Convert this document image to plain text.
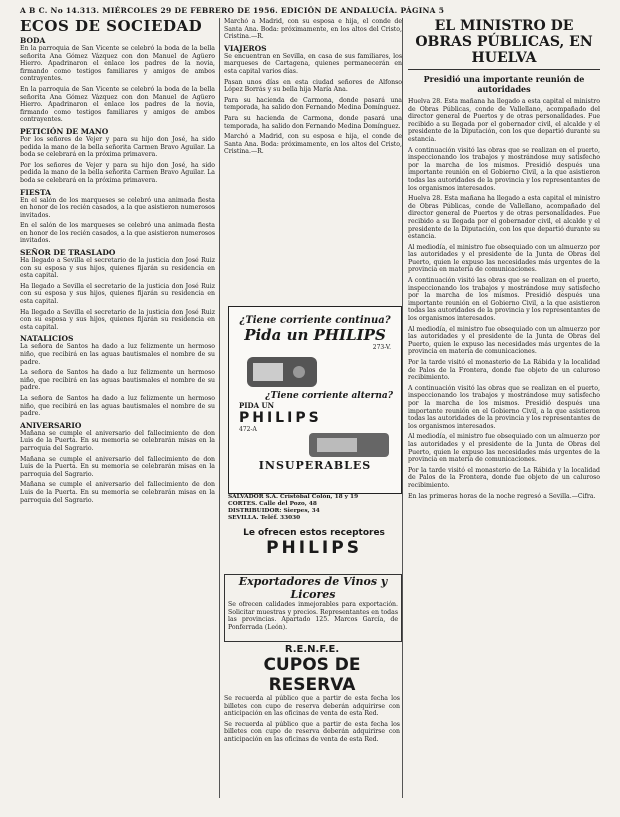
A B C. No 14.313. MIÉRCOLES 29 DE FEBRERO DE 1956. EDICIÓN DE ANDALUCÍA. PÁGINA 5
ECOS DE SOCIEDAD
BODA

En la parroquia de San Vicente se celebró la boda de la bella señorita Ana Gómez Vázquez con don Manuel de Agüero Hierro. Apadrinaron el enlace los padres de la novia, firmando como testigos familiares y amigos de ambos contrayentes.

En la parroquia de San Vicente se celebró la boda de la bella señorita Ana Gómez Vázquez con don Manuel de Agüero Hierro. Apadrinaron el enlace los padres de la novia, firmando como testigos familiares y amigos de ambos contrayentes.

PETICIÓN DE MANO

Por los señores de Vejer y para su hijo don José, ha sido pedida la mano de la bella señorita Carmen Bravo Aguilar. La boda se celebrará en la próxima primavera.

Por los señores de Vejer y para su hijo don José, ha sido pedida la mano de la bella señorita Carmen Bravo Aguilar. La boda se celebrará en la próxima primavera.

FIESTA

En el salón de los marqueses se celebró una animada fiesta en honor de los recién casados, a la que asistieron numerosos invitados.

En el salón de los marqueses se celebró una animada fiesta en honor de los recién casados, a la que asistieron numerosos invitados.

SEÑOR DE TRASLADO

Ha llegado a Sevilla el secretario de la justicia don José Ruiz con su esposa y sus hijos, quienes fijarán su residencia en esta capital.

Ha llegado a Sevilla el secretario de la justicia don José Ruiz con su esposa y sus hijos, quienes fijarán su residencia en esta capital.

Ha llegado a Sevilla el secretario de la justicia don José Ruiz con su esposa y sus hijos, quienes fijarán su residencia en esta capital.

NATALICIOS

La señora de Santos ha dado a luz felizmente un hermoso niño, que recibirá en las aguas bautismales el nombre de su padre.

La señora de Santos ha dado a luz felizmente un hermoso niño, que recibirá en las aguas bautismales el nombre de su padre.

La señora de Santos ha dado a luz felizmente un hermoso niño, que recibirá en las aguas bautismales el nombre de su padre.

ANIVERSARIO

Mañana se cumple el aniversario del fallecimiento de don Luis de la Puerta. En su memoria se celebrarán misas en la parroquia del Sagrario.

Mañana se cumple el aniversario del fallecimiento de don Luis de la Puerta. En su memoria se celebrarán misas en la parroquia del Sagrario.

Mañana se cumple el aniversario del fallecimiento de don Luis de la Puerta. En su memoria se celebrarán misas en la parroquia del Sagrario.

Marchó a Madrid, con su esposa e hija, el conde de Santa Ana. Boda: próximamente, en los altos del Cristo, Cristina.—R.

VIAJEROS

Se encuentran en Sevilla, en casa de sus familiares, los marqueses de Cartagena, quienes permanecerán en esta capital varios días.

Pasan unos días en esta ciudad señores de Alfonso López Borrás y su bella hija María Ana.

Para su hacienda de Carmona, donde pasará una temporada, ha salido don Fernando Medina Domínguez.

Para su hacienda de Carmona, donde pasará una temporada, ha salido don Fernando Medina Domínguez.

Marchó a Madrid, con su esposa e hija, el conde de Santa Ana. Boda: próximamente, en los altos del Cristo, Cristina.—R.

¿Tiene corriente continua?
Pida un PHILIPS
273-V.
¿Tiene corriente alterna?
PIDA UN
PHILIPS
472-A
INSUPERABLES
SALVADOR S.A. Cristóbal Colón, 18 y 19
CORTES. Calle del Pozo, 48
DISTRIBUIDOR: Sierpes, 34
SEVILLA. Teléf. 33030
Le ofrecen estos receptores
PHILIPS
Exportadores de Vinos y Licores

Se ofrecen calidades inmejorables para exportación. Solicitar muestras y precios. Representantes en todas las provincias. Apartado 125. Marcos García, de Ponferrada (León).

R.E.N.F.E.
CUPOS DE RESERVA

Se recuerda al público que a partir de esta fecha los billetes con cupo de reserva deberán adquirirse con anticipación en las oficinas de venta de esta Red.

Se recuerda al público que a partir de esta fecha los billetes con cupo de reserva deberán adquirirse con anticipación en las oficinas de venta de esta Red.

EL MINISTRO DE OBRAS PÚBLICAS, EN HUELVA
Presidió una importante reunión de autoridades

Huelva 28. Esta mañana ha llegado a esta capital el ministro de Obras Públicas, conde de Vallellano, acompañado del director general de Puertos y de otras personalidades. Fue recibido a su llegada por el gobernador civil, el alcalde y el presidente de la Diputación, con los que departió durante su estancia.

A continuación visitó las obras que se realizan en el puerto, inspeccionando los trabajos y mostrándose muy satisfecho por la marcha de los mismos. Presidió después una importante reunión en el Gobierno Civil, a la que asistieron todas las autoridades de la provincia y los representantes de los organismos interesados.

Huelva 28. Esta mañana ha llegado a esta capital el ministro de Obras Públicas, conde de Vallellano, acompañado del director general de Puertos y de otras personalidades. Fue recibido a su llegada por el gobernador civil, el alcalde y el presidente de la Diputación, con los que departió durante su estancia.

Al mediodía, el ministro fue obsequiado con un almuerzo por las autoridades y el presidente de la Junta de Obras del Puerto, quien le expuso las necesidades más urgentes de la provincia en materia de comunicaciones.

A continuación visitó las obras que se realizan en el puerto, inspeccionando los trabajos y mostrándose muy satisfecho por la marcha de los mismos. Presidió después una importante reunión en el Gobierno Civil, a la que asistieron todas las autoridades de la provincia y los representantes de los organismos interesados.

Al mediodía, el ministro fue obsequiado con un almuerzo por las autoridades y el presidente de la Junta de Obras del Puerto, quien le expuso las necesidades más urgentes de la provincia en materia de comunicaciones.

Por la tarde visitó el monasterio de La Rábida y la localidad de Palos de la Frontera, donde fue objeto de un caluroso recibimiento.

A continuación visitó las obras que se realizan en el puerto, inspeccionando los trabajos y mostrándose muy satisfecho por la marcha de los mismos. Presidió después una importante reunión en el Gobierno Civil, a la que asistieron todas las autoridades de la provincia y los representantes de los organismos interesados.

Al mediodía, el ministro fue obsequiado con un almuerzo por las autoridades y el presidente de la Junta de Obras del Puerto, quien le expuso las necesidades más urgentes de la provincia en materia de comunicaciones.

Por la tarde visitó el monasterio de La Rábida y la localidad de Palos de la Frontera, donde fue objeto de un caluroso recibimiento.

En las primeras horas de la noche regresó a Sevilla.—Cifra.
